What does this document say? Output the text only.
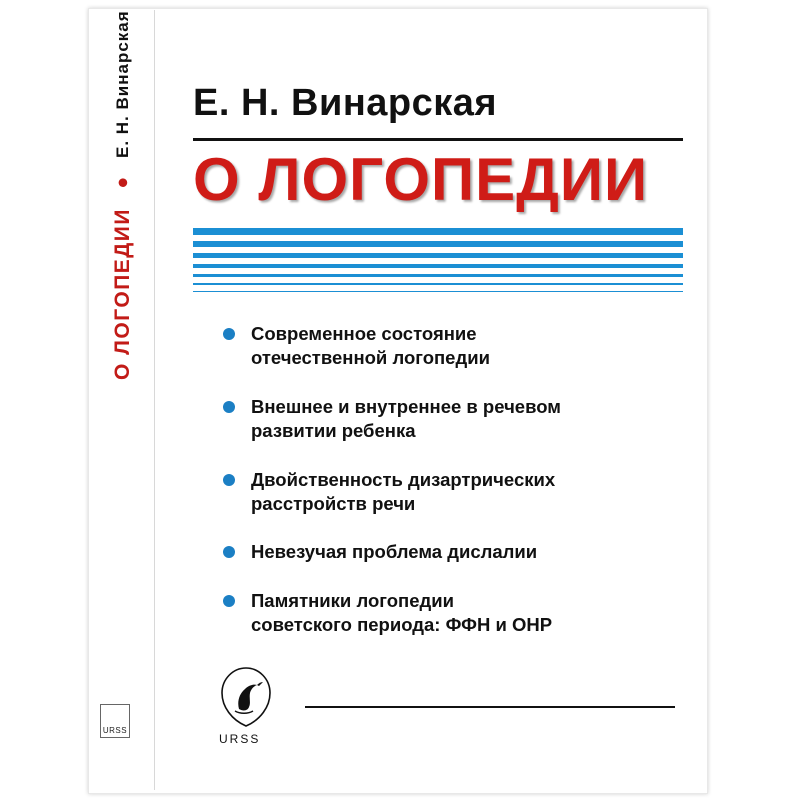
О ЛОГОПЕДИИ
●
Е. Н. Винарская
URSS
Е. Н. Винарская
О ЛОГОПЕДИИ
Современное состояние
отечественной логопедии
Внешнее и внутреннее в речевом
развитии ребенка
Двойственность дизартрических
расстройств речи
Невезучая проблема дислалии
Памятники логопедии
советского периода: ФФН и ОНР
URSS
